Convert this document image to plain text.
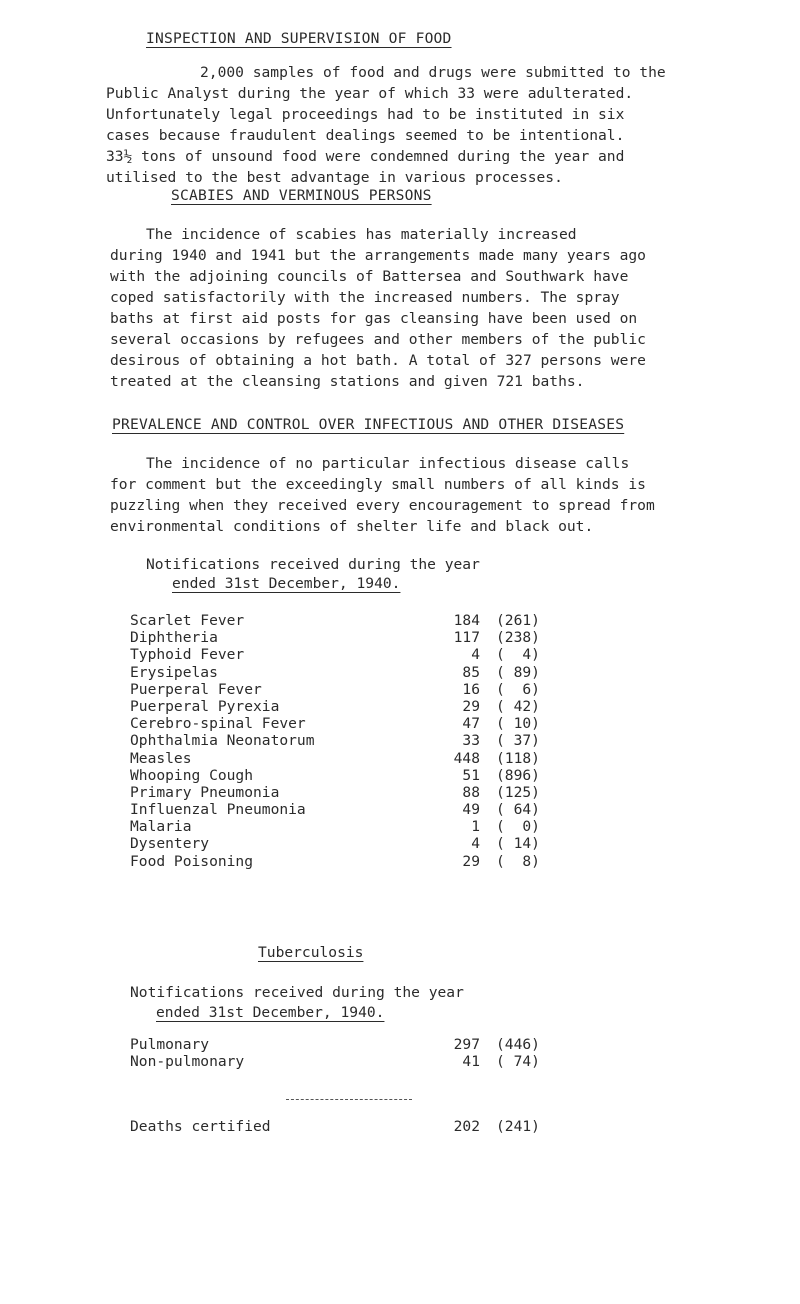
INSPECTION AND SUPERVISION OF FOOD
2,000 samples of food and drugs were submitted to the
Public Analyst during the year of which 33 were adulterated.
Unfortunately legal proceedings had to be instituted in six
cases because fraudulent dealings seemed to be intentional.
33½ tons of unsound food were condemned during the year and
utilised to the best advantage in various processes.
SCABIES AND VERMINOUS PERSONS
The incidence of scabies has materially increased
during 1940 and 1941 but the arrangements made many years ago
with the adjoining councils of Battersea and Southwark have
coped satisfactorily with the increased numbers. The spray
baths at first aid posts for gas cleansing have been used on
several occasions by refugees and other members of the public
desirous of obtaining a hot bath. A total of 327 persons were
treated at the cleansing stations and given 721 baths.
PREVALENCE AND CONTROL OVER INFECTIOUS AND OTHER DISEASES
The incidence of no particular infectious disease calls
for comment but the exceedingly small numbers of all kinds is
puzzling when they received every encouragement to spread from
environmental conditions of shelter life and black out.
Notifications received during the year
ended 31st December, 1940.
Scarlet Fever	184 (261)
Diphtheria	117 (238)
Typhoid Fever	4 (  4)
Erysipelas	85 ( 89)
Puerperal Fever	16 (  6)
Puerperal Pyrexia	29 ( 42)
Cerebro-spinal Fever	47 ( 10)
Ophthalmia Neonatorum	33 ( 37)
Measles	448 (118)
Whooping Cough	51 (896)
Primary Pneumonia	88 (125)
Influenzal Pneumonia	49 ( 64)
Malaria	1 (  0)
Dysentery	4 ( 14)
Food Poisoning	29 (  8)
Tuberculosis
Notifications received during the year
ended 31st December, 1940.
Pulmonary	297 (446)
Non-pulmonary	41 ( 74)
Deaths certified	202 (241)
